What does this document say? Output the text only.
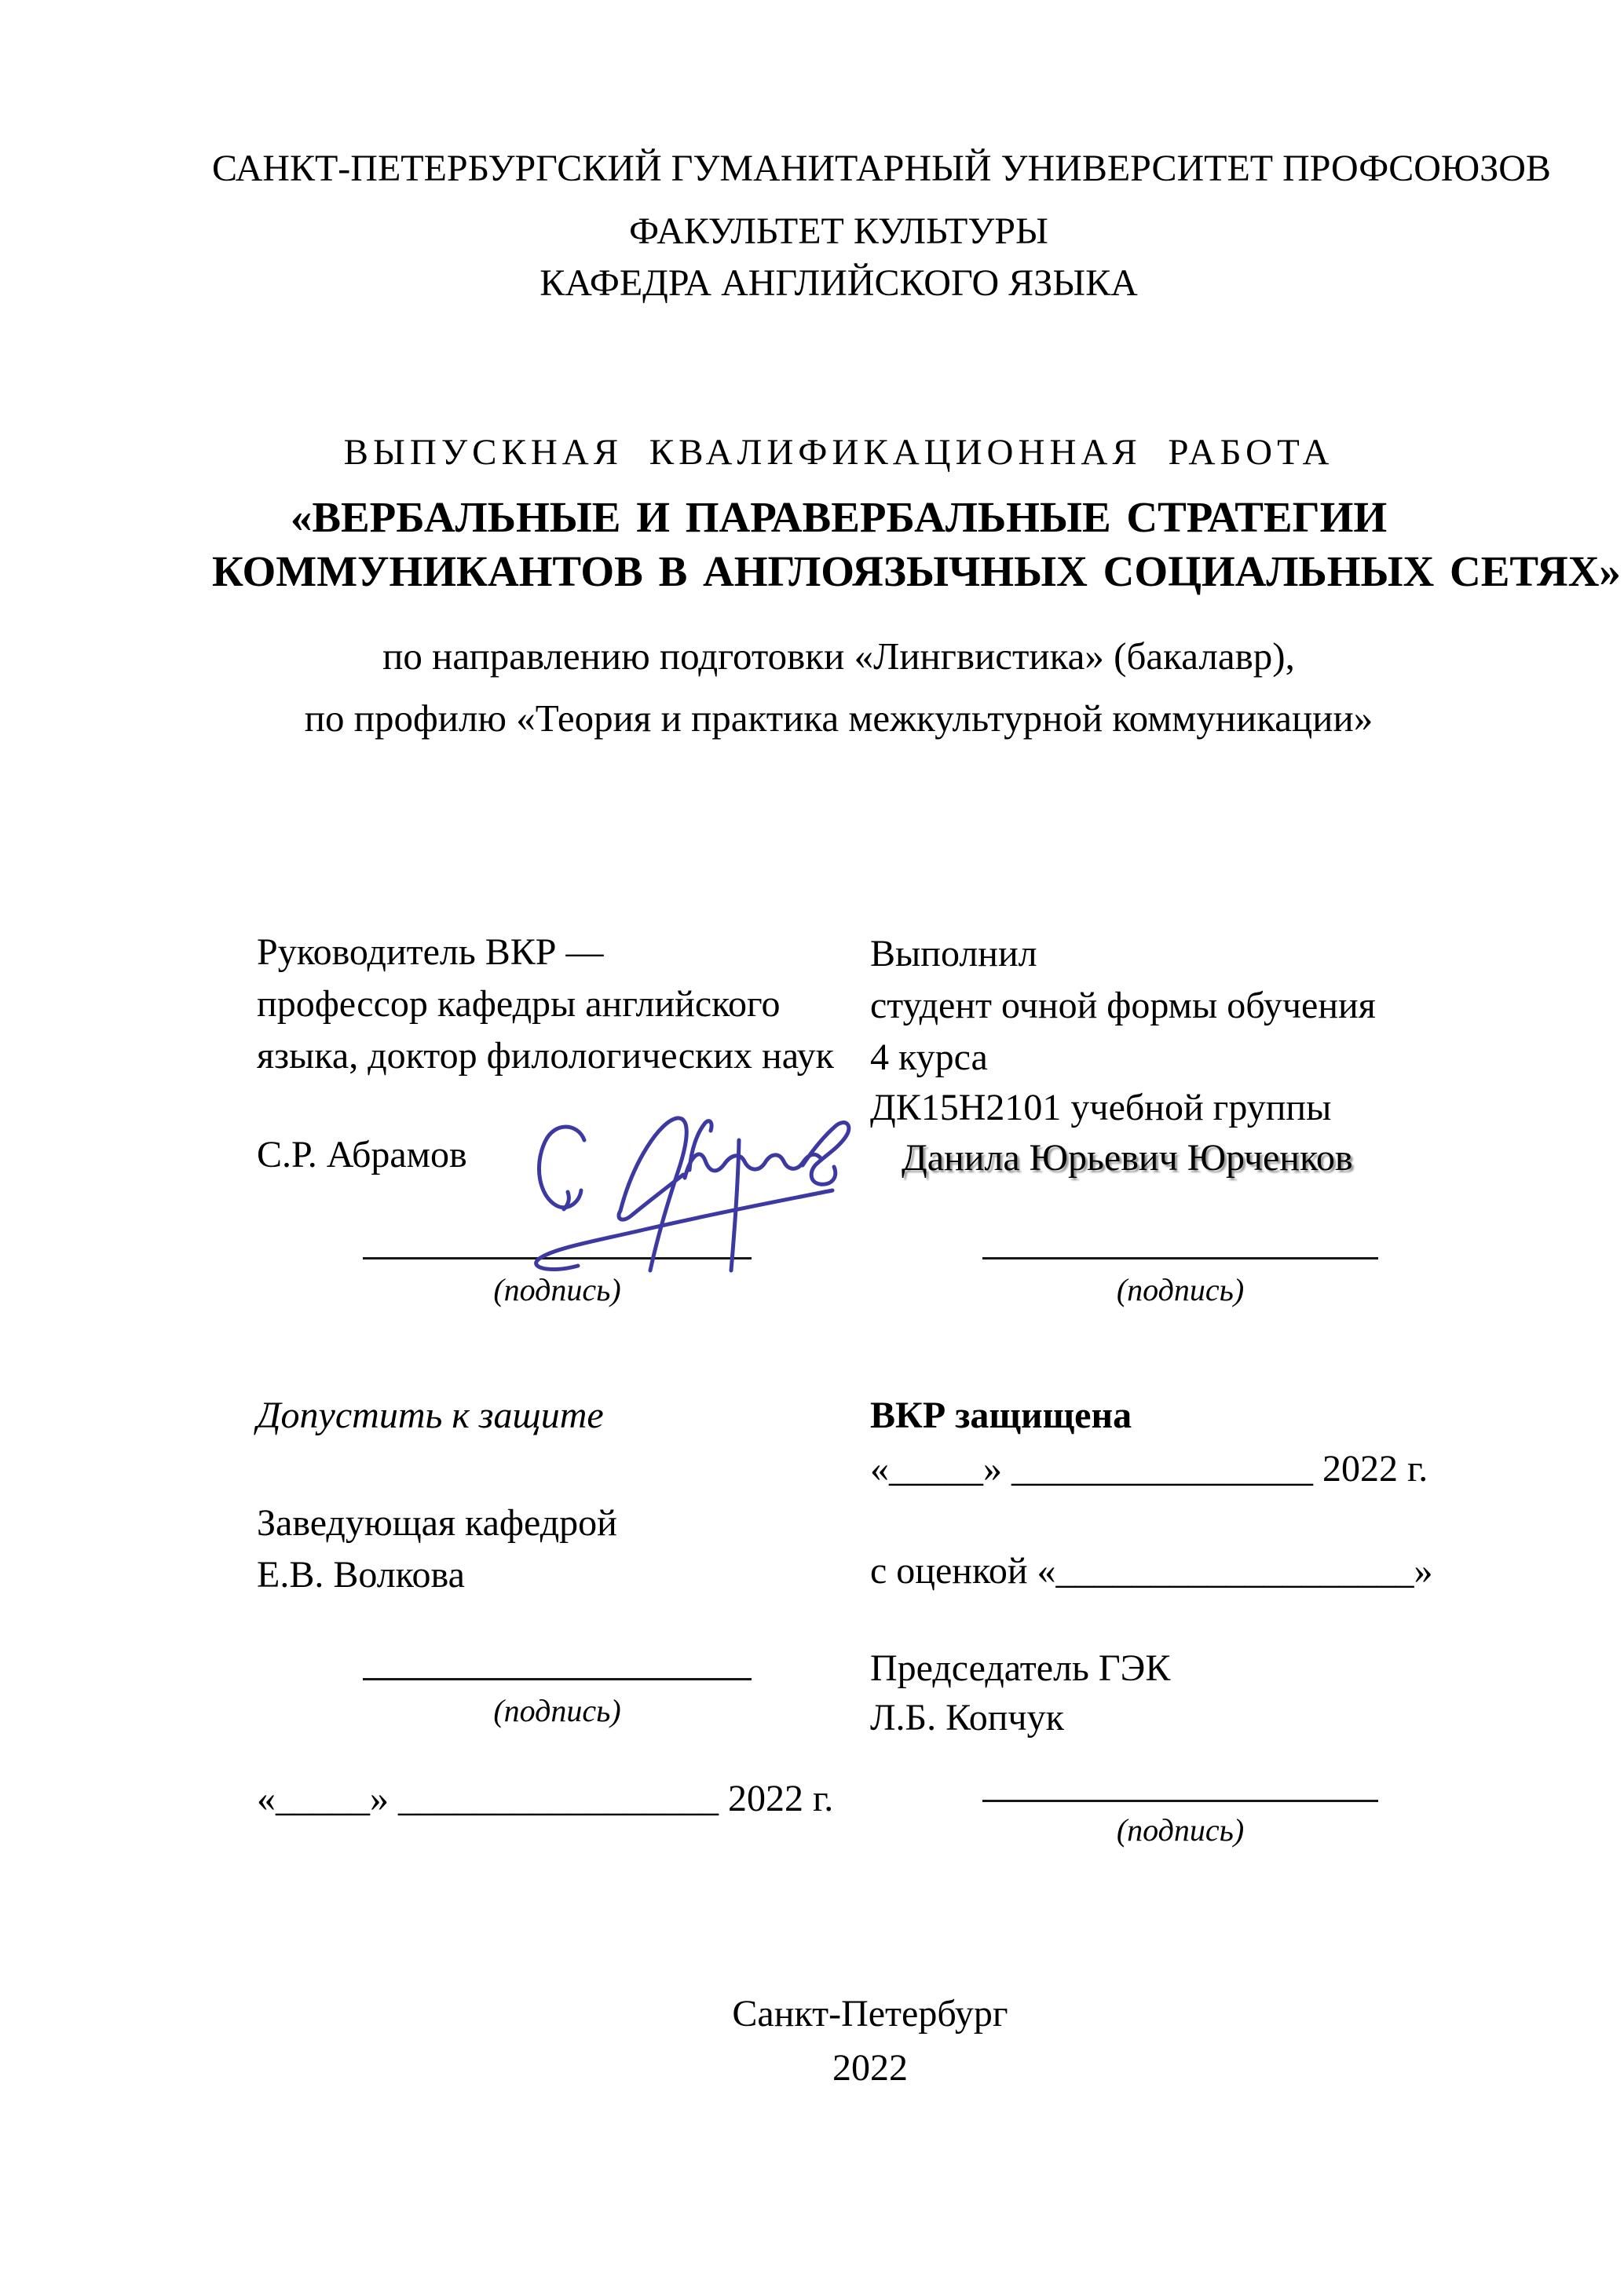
САНКТ-ПЕТЕРБУРГСКИЙ ГУМАНИТАРНЫЙ УНИВЕРСИТЕТ ПРОФСОЮЗОВ
ФАКУЛЬТЕТ КУЛЬТУРЫ
КАФЕДРА АНГЛИЙСКОГО ЯЗЫКА
ВЫПУСКНАЯ КВАЛИФИКАЦИОННАЯ РАБОТА
«ВЕРБАЛЬНЫЕ И ПАРАВЕРБАЛЬНЫЕ СТРАТЕГИИ
КОММУНИКАНТОВ В АНГЛОЯЗЫЧНЫХ СОЦИАЛЬНЫХ СЕТЯХ»
по направлению подготовки «Лингвистика» (бакалавр),
по профилю «Теория и практика межкультурной коммуникации»
Руководитель ВКР —
профессор кафедры английского
языка, доктор филологических наук
С.Р. Абрамов
Выполнил
студент очной формы обучения
4 курса
ДК15Н2101 учебной группы
Данила Юрьевич Юрченков
(подпись)	(подпись)
Допустить к защите
Заведующая кафедрой
Е.В. Волкова
ВКР защищена
«_____» ________________ 2022 г.
с оценкой «___________________»
(подпись)
«_____» _________________ 2022 г.
Председатель ГЭК
Л.Б. Копчук
(подпись)
Санкт-Петербург
2022
